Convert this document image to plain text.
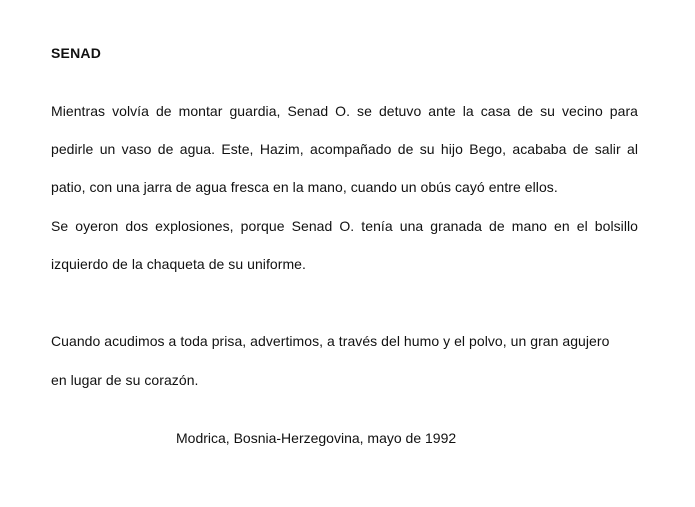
SENAD
Mientras volvía de montar guardia, Senad O. se detuvo ante la casa de su vecino para
pedirle un vaso de agua. Este, Hazim, acompañado de su hijo Bego, acababa de salir al
patio, con una jarra de agua fresca en la mano, cuando un obús cayó entre ellos.
Se oyeron dos explosiones, porque Senad O. tenía una granada de mano en el bolsillo
izquierdo de la chaqueta de su uniforme.
Cuando acudimos a toda prisa, advertimos, a través del humo y el polvo, un gran agujero
en lugar de su corazón.
Modrica, Bosnia-Herzegovina, mayo de 1992
